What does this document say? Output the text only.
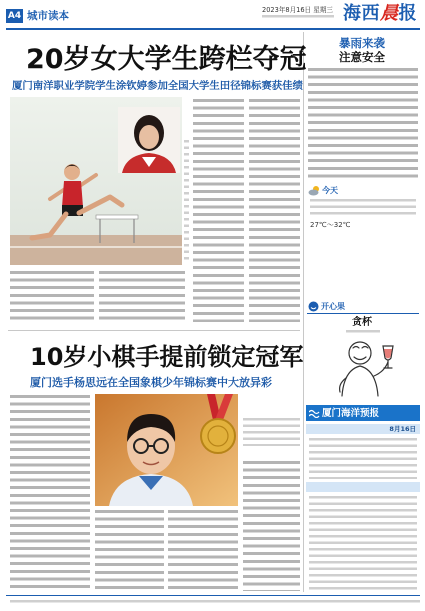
A4 城市读本	2023年8月16日 星期三 海西晨报
20岁女大学生跨栏夺冠
厦门南洋职业学院学生涂钦婷参加全国大学生田径锦标赛获佳绩
10岁小棋手提前锁定冠军
厦门选手杨思远在全国象棋少年锦标赛中大放异彩
暴雨来袭
注意安全
今天
27℃～32℃
开心果
贪杯
厦门海洋预报
8月16日
